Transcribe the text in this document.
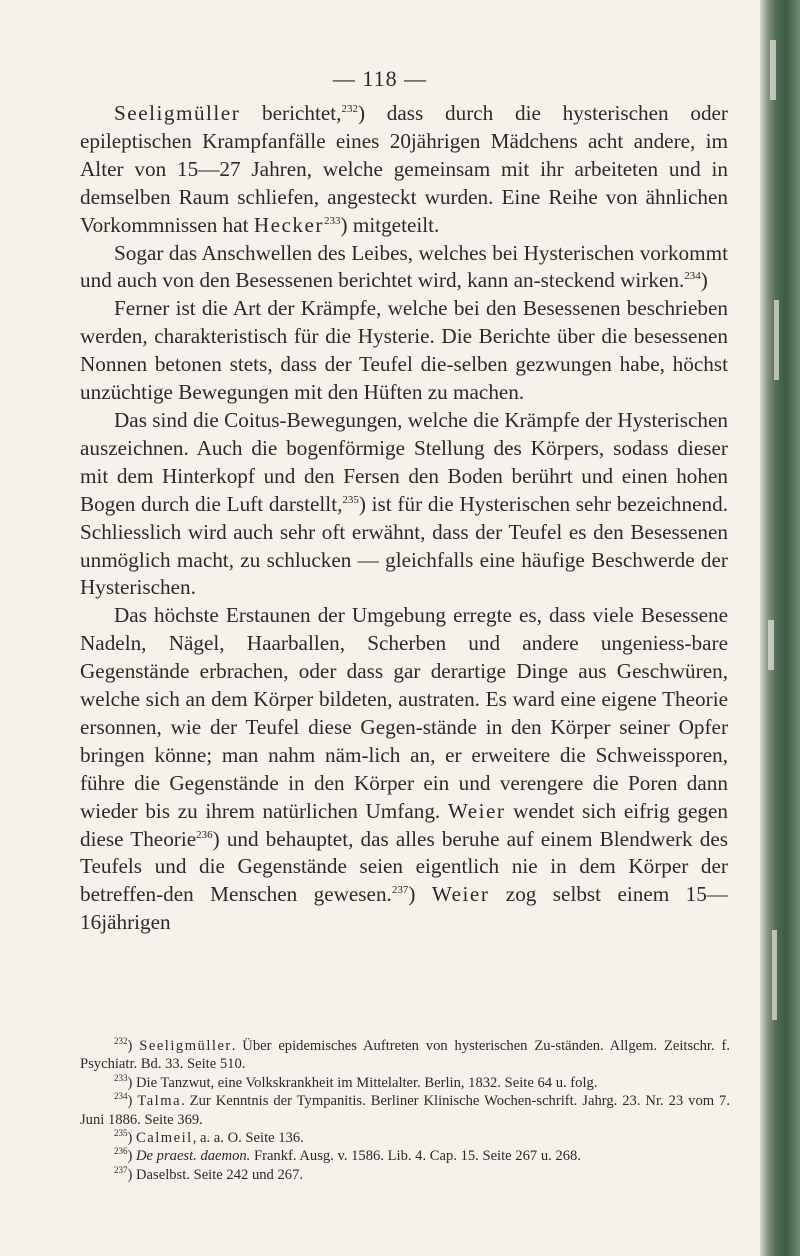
— 118 —

Seeligmüller berichtet,$^{232}$) dass durch die hysterischen oder epileptischen Krampfanfälle eines 20jährigen Mädchens acht andere, im Alter von 15—27 Jahren, welche gemeinsam mit ihr arbeiteten und in demselben Raum schliefen, angesteckt wurden. Eine Reihe von ähnlichen Vorkommnissen hat Hecker$^{233}$) mitgeteilt.

Sogar das Anschwellen des Leibes, welches bei Hysterischen vorkommt und auch von den Besessenen berichtet wird, kann an-steckend wirken.$^{234}$)

Ferner ist die Art der Krämpfe, welche bei den Besessenen beschrieben werden, charakteristisch für die Hysterie. Die Berichte über die besessenen Nonnen betonen stets, dass der Teufel die-selben gezwungen habe, höchst unzüchtige Bewegungen mit den Hüften zu machen.

Das sind die Coitus-Bewegungen, welche die Krämpfe der Hysterischen auszeichnen. Auch die bogenförmige Stellung des Körpers, sodass dieser mit dem Hinterkopf und den Fersen den Boden berührt und einen hohen Bogen durch die Luft darstellt,$^{235}$) ist für die Hysterischen sehr bezeichnend. Schliesslich wird auch sehr oft erwähnt, dass der Teufel es den Besessenen unmöglich macht, zu schlucken — gleichfalls eine häufige Beschwerde der Hysterischen.

Das höchste Erstaunen der Umgebung erregte es, dass viele Besessene Nadeln, Nägel, Haarballen, Scherben und andere ungeniess-bare Gegenstände erbrachen, oder dass gar derartige Dinge aus Geschwüren, welche sich an dem Körper bildeten, austraten. Es ward eine eigene Theorie ersonnen, wie der Teufel diese Gegen-stände in den Körper seiner Opfer bringen könne; man nahm näm-lich an, er erweitere die Schweissporen, führe die Gegenstände in den Körper ein und verengere die Poren dann wieder bis zu ihrem natürlichen Umfang. Weier wendet sich eifrig gegen diese Theorie$^{236}$) und behauptet, das alles beruhe auf einem Blendwerk des Teufels und die Gegenstände seien eigentlich nie in dem Körper der betreffen-den Menschen gewesen.$^{237}$) Weier zog selbst einem 15—16jährigen

$^{232}$) Seeligmüller. Über epidemisches Auftreten von hysterischen Zu-ständen. Allgem. Zeitschr. f. Psychiatr. Bd. 33. Seite 510.

$^{233}$) Die Tanzwut, eine Volkskrankheit im Mittelalter. Berlin, 1832. Seite 64 u. folg.

$^{234}$) Talma. Zur Kenntnis der Tympanitis. Berliner Klinische Wochen-schrift. Jahrg. 23. Nr. 23 vom 7. Juni 1886. Seite 369.

$^{235}$) Calmeil, a. a. O. Seite 136.

$^{236}$) De praest. daemon. Frankf. Ausg. v. 1586. Lib. 4. Cap. 15. Seite 267 u. 268.

$^{237}$) Daselbst. Seite 242 und 267.
